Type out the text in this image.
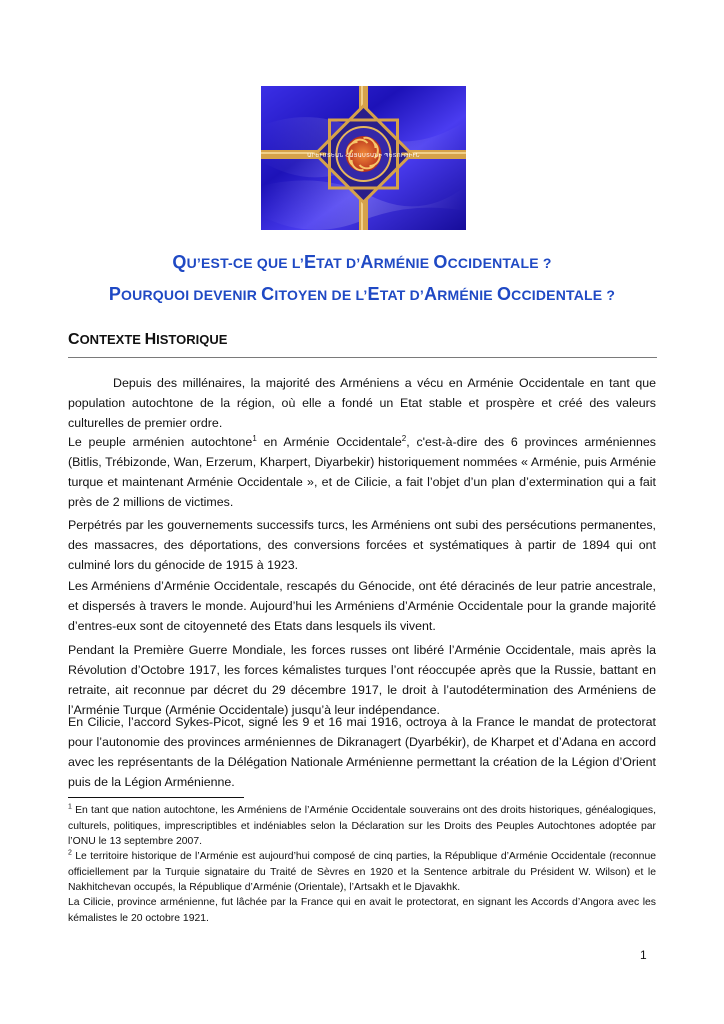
ԱՐԵՒՄՏԵԱՆ ՀԱՅԱՍՏԱՆԻ ՊԵՏՈՒԹԻՒՆ
QU’EST-CE QUE L’ETAT D’ARMÉNIE OCCIDENTALE ?
POURQUOI DEVENIR CITOYEN DE L’ETAT D’ARMÉNIE OCCIDENTALE ?
CONTEXTE HISTORIQUE
Depuis des millénaires, la majorité des Arméniens a vécu en Arménie Occidentale en tant que population autochtone de la région, où elle a fondé un Etat stable et prospère et créé des valeurs culturelles de premier ordre.
Le peuple arménien autochtone$^1$ en Arménie Occidentale$^2$, c'est-à-dire des 6 provinces arméniennes (Bitlis, Trébizonde, Wan, Erzerum, Kharpert, Diyarbekir) historiquement nommées « Arménie, puis Arménie turque et maintenant Arménie Occidentale », et de Cilicie, a fait l’objet d’un plan d’extermination qui a fait près de 2 millions de victimes.
Perpétrés par les gouvernements successifs turcs, les Arméniens ont subi des persécutions permanentes, des massacres, des déportations, des conversions forcées et systématiques à partir de 1894 qui ont culminé lors du génocide de 1915 à 1923.
Les Arméniens d’Arménie Occidentale, rescapés du Génocide, ont été déracinés de leur patrie ancestrale, et dispersés à travers le monde. Aujourd’hui les Arméniens d’Arménie Occidentale pour la grande majorité d’entres-eux sont de citoyenneté des Etats dans lesquels ils vivent.
Pendant la Première Guerre Mondiale, les forces russes ont libéré l’Arménie Occidentale, mais après la Révolution d’Octobre 1917, les forces kémalistes turques l’ont réoccupée après que la Russie, battant en retraite, ait reconnue par décret du 29 décembre 1917, le droit à l’autodétermination des Arméniens de l’Arménie Turque (Arménie Occidentale) jusqu’à leur indépendance.
En Cilicie, l’accord Sykes-Picot, signé les 9 et 16 mai 1916, octroya à la France le mandat de protectorat pour l’autonomie des provinces arméniennes de Dikranagert (Dyarbékir), de Kharpet et d’Adana en accord avec les représentants de la Délégation Nationale Arménienne permettant la création de la Légion d’Orient puis de la Légion Arménienne.
$^1$ En tant que nation autochtone, les Arméniens de l’Arménie Occidentale souverains ont des droits historiques, généalogiques, culturels, politiques, imprescriptibles et indéniables selon la Déclaration sur les Droits des Peuples Autochtones adoptée par l’ONU le 13 septembre 2007.
$^2$ Le territoire historique de l’Arménie est aujourd’hui composé de cinq parties, la République d’Arménie Occidentale (reconnue officiellement par la Turquie signataire du Traité de Sèvres en 1920 et la Sentence arbitrale du Président W. Wilson) et le Nakhitchevan occupés, la République d’Arménie (Orientale), l’Artsakh et le Djavakhk.
La Cilicie, province arménienne, fut lâchée par la France qui en avait le protectorat, en signant les Accords d’Angora avec les kémalistes le 20 octobre 1921.
1
